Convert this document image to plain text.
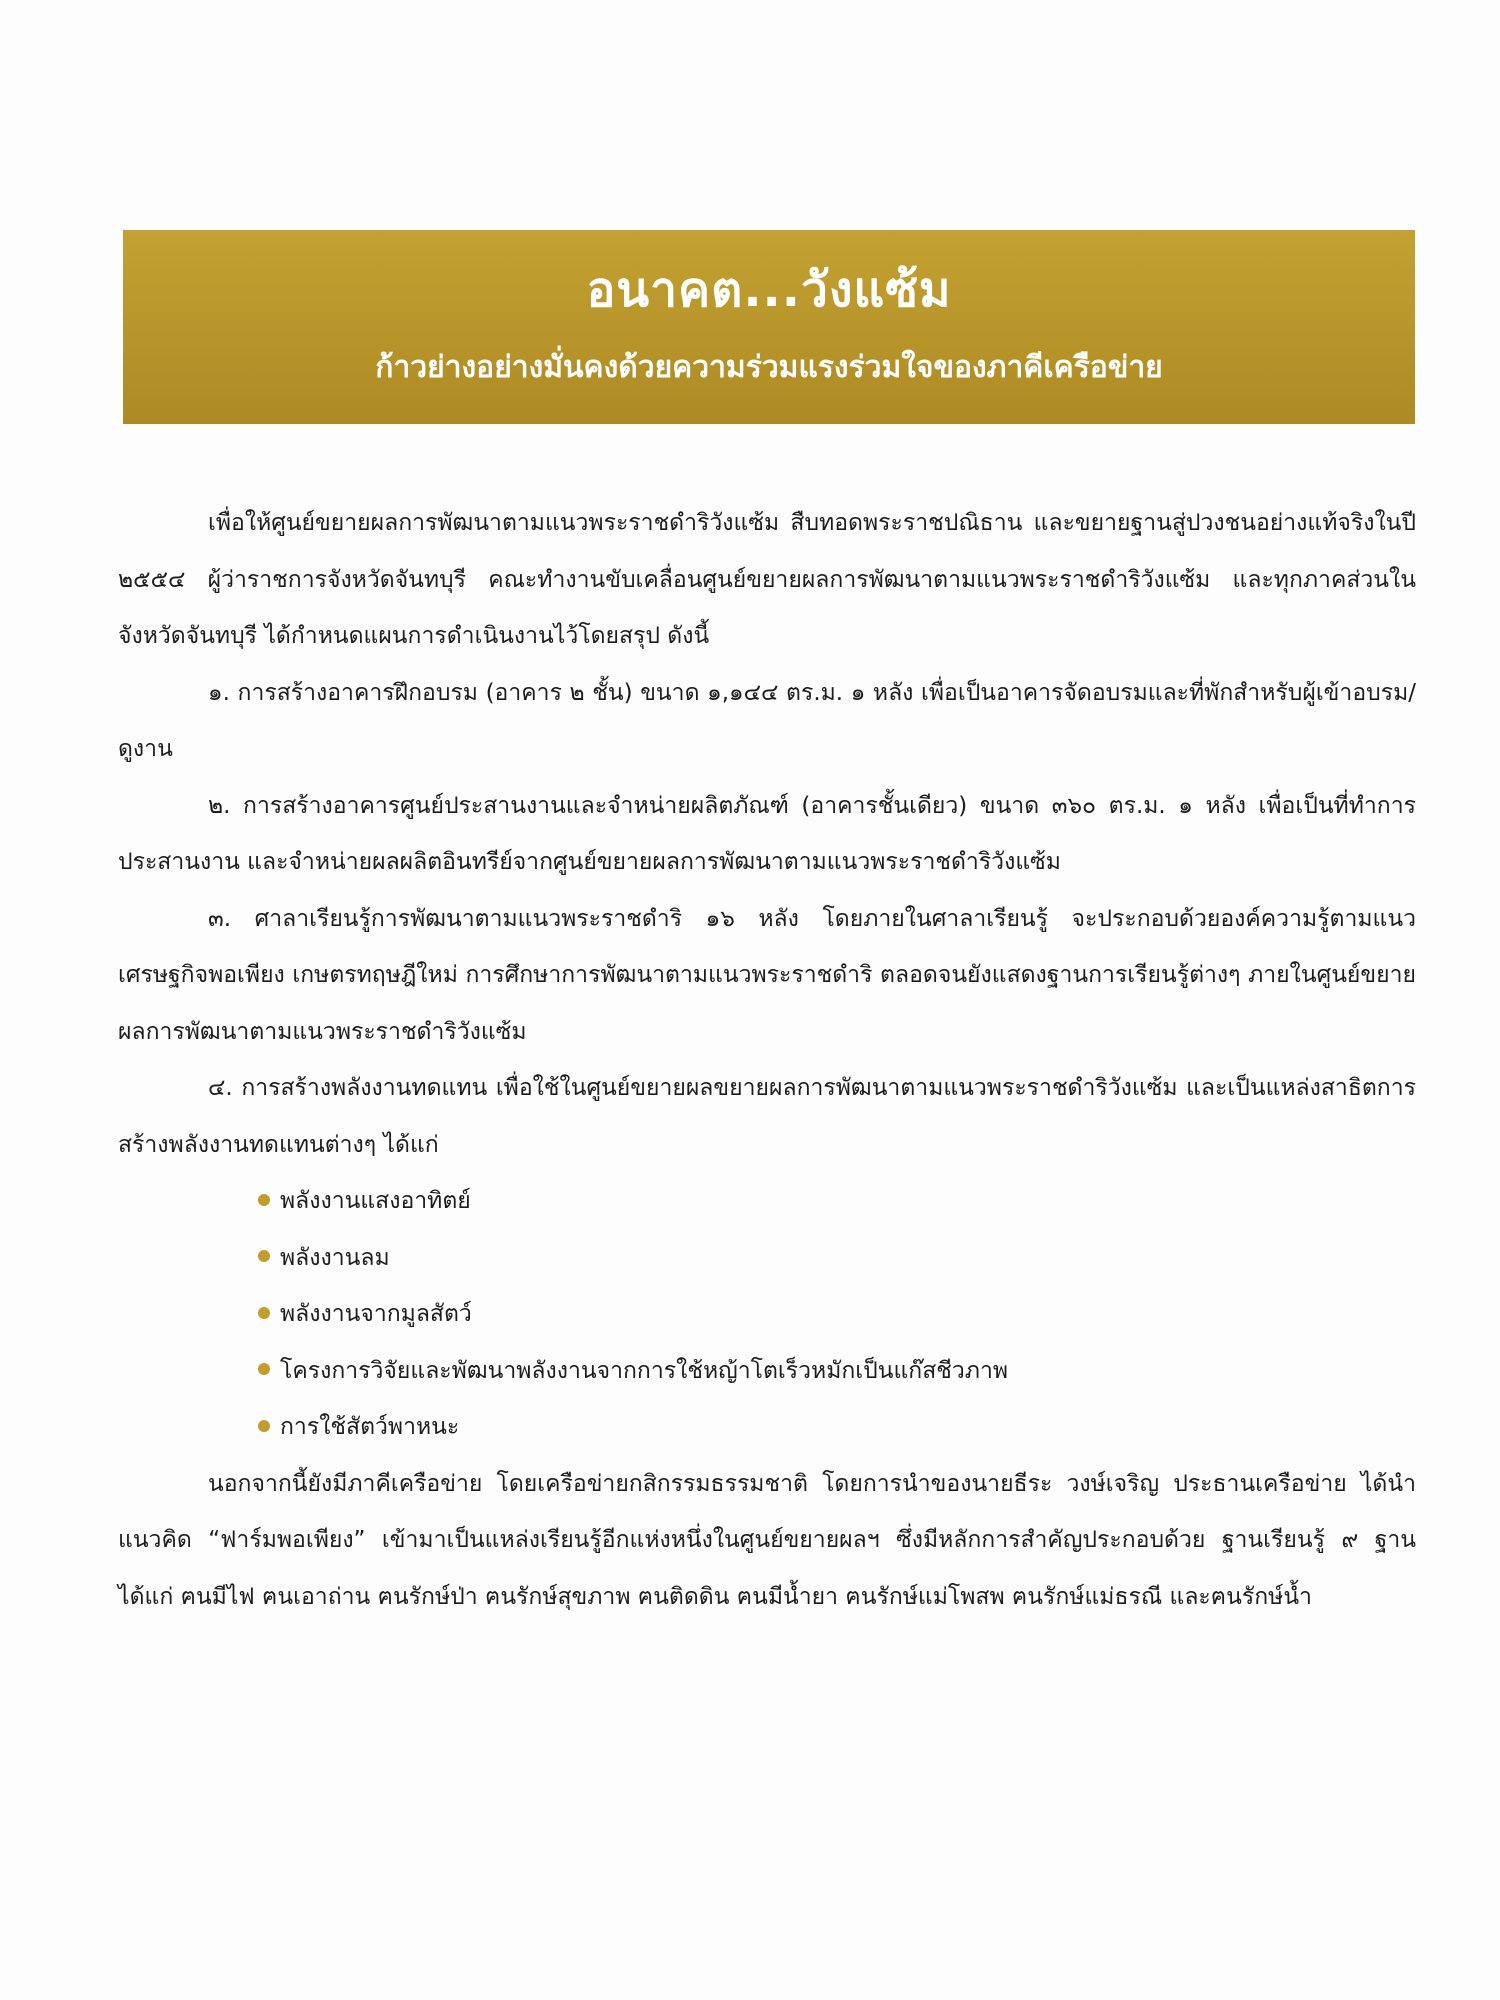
อนาคต...วังแซ้ม
ก้าวย่างอย่างมั่นคงด้วยความร่วมแรงร่วมใจของภาคีเครือข่าย

เพื่อให้ศูนย์ขยายผลการพัฒนาตามแนวพระราชดำริวังแซ้ม สืบทอดพระราชปณิธาน และขยายฐานสู่ปวงชนอย่างแท้จริงในปี ๒๕๕๔ ผู้ว่าราชการจังหวัดจันทบุรี คณะทำงานขับเคลื่อนศูนย์ขยายผลการพัฒนาตามแนวพระราชดำริวังแซ้ม และทุกภาคส่วนในจังหวัดจันทบุรี ได้กำหนดแผนการดำเนินงานไว้โดยสรุป ดังนี้

๑. การสร้างอาคารฝึกอบรม (อาคาร ๒ ชั้น) ขนาด ๑,๑๔๔ ตร.ม. ๑ หลัง เพื่อเป็นอาคารจัดอบรมและที่พักสำหรับผู้เข้าอบรม/ดูงาน

๒. การสร้างอาคารศูนย์ประสานงานและจำหน่ายผลิตภัณฑ์ (อาคารชั้นเดียว) ขนาด ๓๖๐ ตร.ม. ๑ หลัง เพื่อเป็นที่ทำการประสานงาน และจำหน่ายผลผลิตอินทรีย์จากศูนย์ขยายผลการพัฒนาตามแนวพระราชดำริวังแซ้ม

๓. ศาลาเรียนรู้การพัฒนาตามแนวพระราชดำริ ๑๖ หลัง โดยภายในศาลาเรียนรู้ จะประกอบด้วยองค์ความรู้ตามแนวเศรษฐกิจพอเพียง เกษตรทฤษฎีใหม่ การศึกษาการพัฒนาตามแนวพระราชดำริ ตลอดจนยังแสดงฐานการเรียนรู้ต่างๆ ภายในศูนย์ขยายผลการพัฒนาตามแนวพระราชดำริวังแซ้ม

๔. การสร้างพลังงานทดแทน เพื่อใช้ในศูนย์ขยายผลขยายผลการพัฒนาตามแนวพระราชดำริวังแซ้ม และเป็นแหล่งสาธิตการสร้างพลังงานทดแทนต่างๆ ได้แก่

พลังงานแสงอาทิตย์
พลังงานลม
พลังงานจากมูลสัตว์
โครงการวิจัยและพัฒนาพลังงานจากการใช้หญ้าโตเร็วหมักเป็นแก๊สชีวภาพ
การใช้สัตว์พาหนะ

นอกจากนี้ยังมีภาคีเครือข่าย โดยเครือข่ายกสิกรรมธรรมชาติ โดยการนำของนายธีระ วงษ์เจริญ ประธานเครือข่าย ได้นำแนวคิด “ฟาร์มพอเพียง” เข้ามาเป็นแหล่งเรียนรู้อีกแห่งหนึ่งในศูนย์ขยายผลฯ ซึ่งมีหลักการสำคัญประกอบด้วย ฐานเรียนรู้ ๙ ฐาน ได้แก่ ฅนมีไฟ ฅนเอาถ่าน ฅนรักษ์ป่า ฅนรักษ์สุขภาพ ฅนติดดิน ฅนมีน้ำยา ฅนรักษ์แม่โพสพ ฅนรักษ์แม่ธรณี และฅนรักษ์น้ำ
